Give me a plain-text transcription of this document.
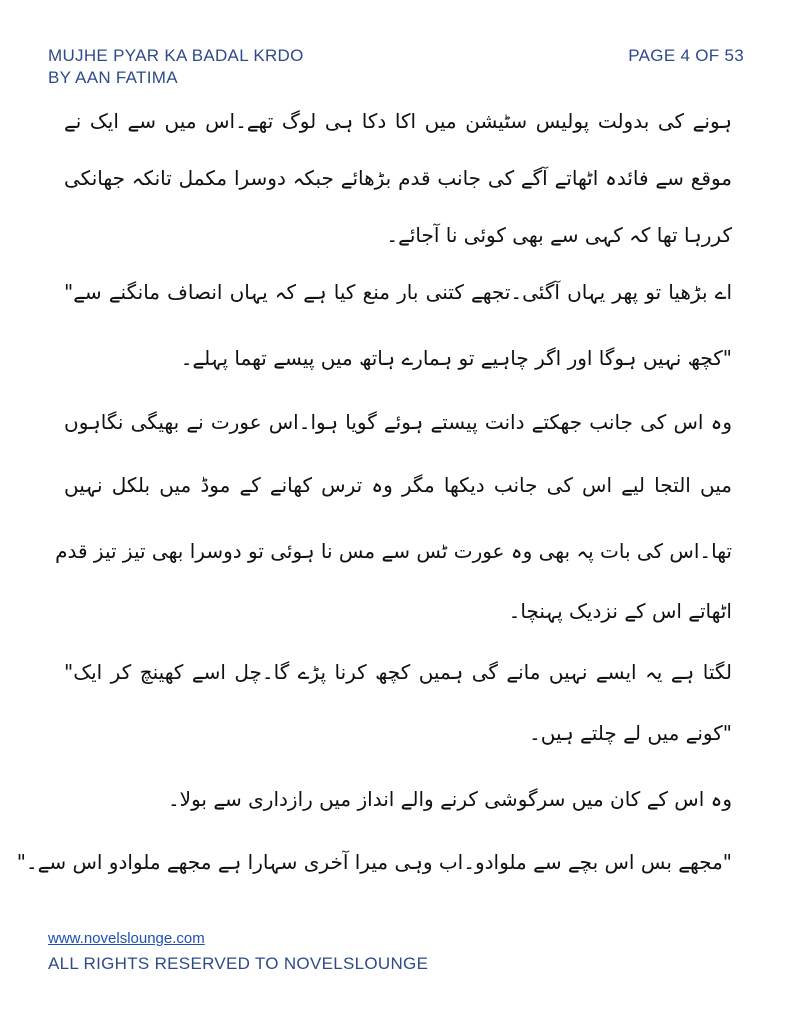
MUJHE PYAR KA BADAL KRDO
BY AAN FATIMA
PAGE 4 OF 53
ہونے کی بدولت پولیس سٹیشن میں اکا دکا ہی لوگ تھے۔اس میں سے ایک نے
موقع سے فائدہ اٹھاتے آگے کی جانب قدم بڑھائے جبکہ دوسرا مکمل تانکہ جھانکی
کررہا تھا کہ کہی سے بھی کوئی نا آجائے۔
اے بڑھیا تو پھر یہاں آگئی۔تجھے کتنی بار منع کیا ہے کہ یہاں انصاف مانگنے سے"
"کچھ نہیں ہوگا اور اگر چاہیے تو ہمارے ہاتھ میں پیسے تھما پہلے۔
وہ اس کی جانب جھکتے دانت پیستے ہوئے گویا ہوا۔اس عورت نے بھیگی نگاہوں
میں التجا لیے اس کی جانب دیکھا مگر وہ ترس کھانے کے موڈ میں بلکل نہیں
تھا۔اس کی بات پہ بھی وہ عورت ٹس سے مس نا ہوئی تو دوسرا بھی تیز تیز قدم
اٹھاتے اس کے نزدیک پہنچا۔
لگتا ہے یہ ایسے نہیں مانے گی ہمیں کچھ کرنا پڑے گا۔چل اسے کھینچ کر ایک"
"کونے میں لے چلتے ہیں۔
وہ اس کے کان میں سرگوشی کرنے والے انداز میں رازداری سے بولا۔
"مجھے بس اس بچے سے ملوادو۔اب وہی میرا آخری سہارا ہے مجھے ملوادو اس سے۔"
www.novelslounge.com
ALL RIGHTS RESERVED TO NOVELSLOUNGE
